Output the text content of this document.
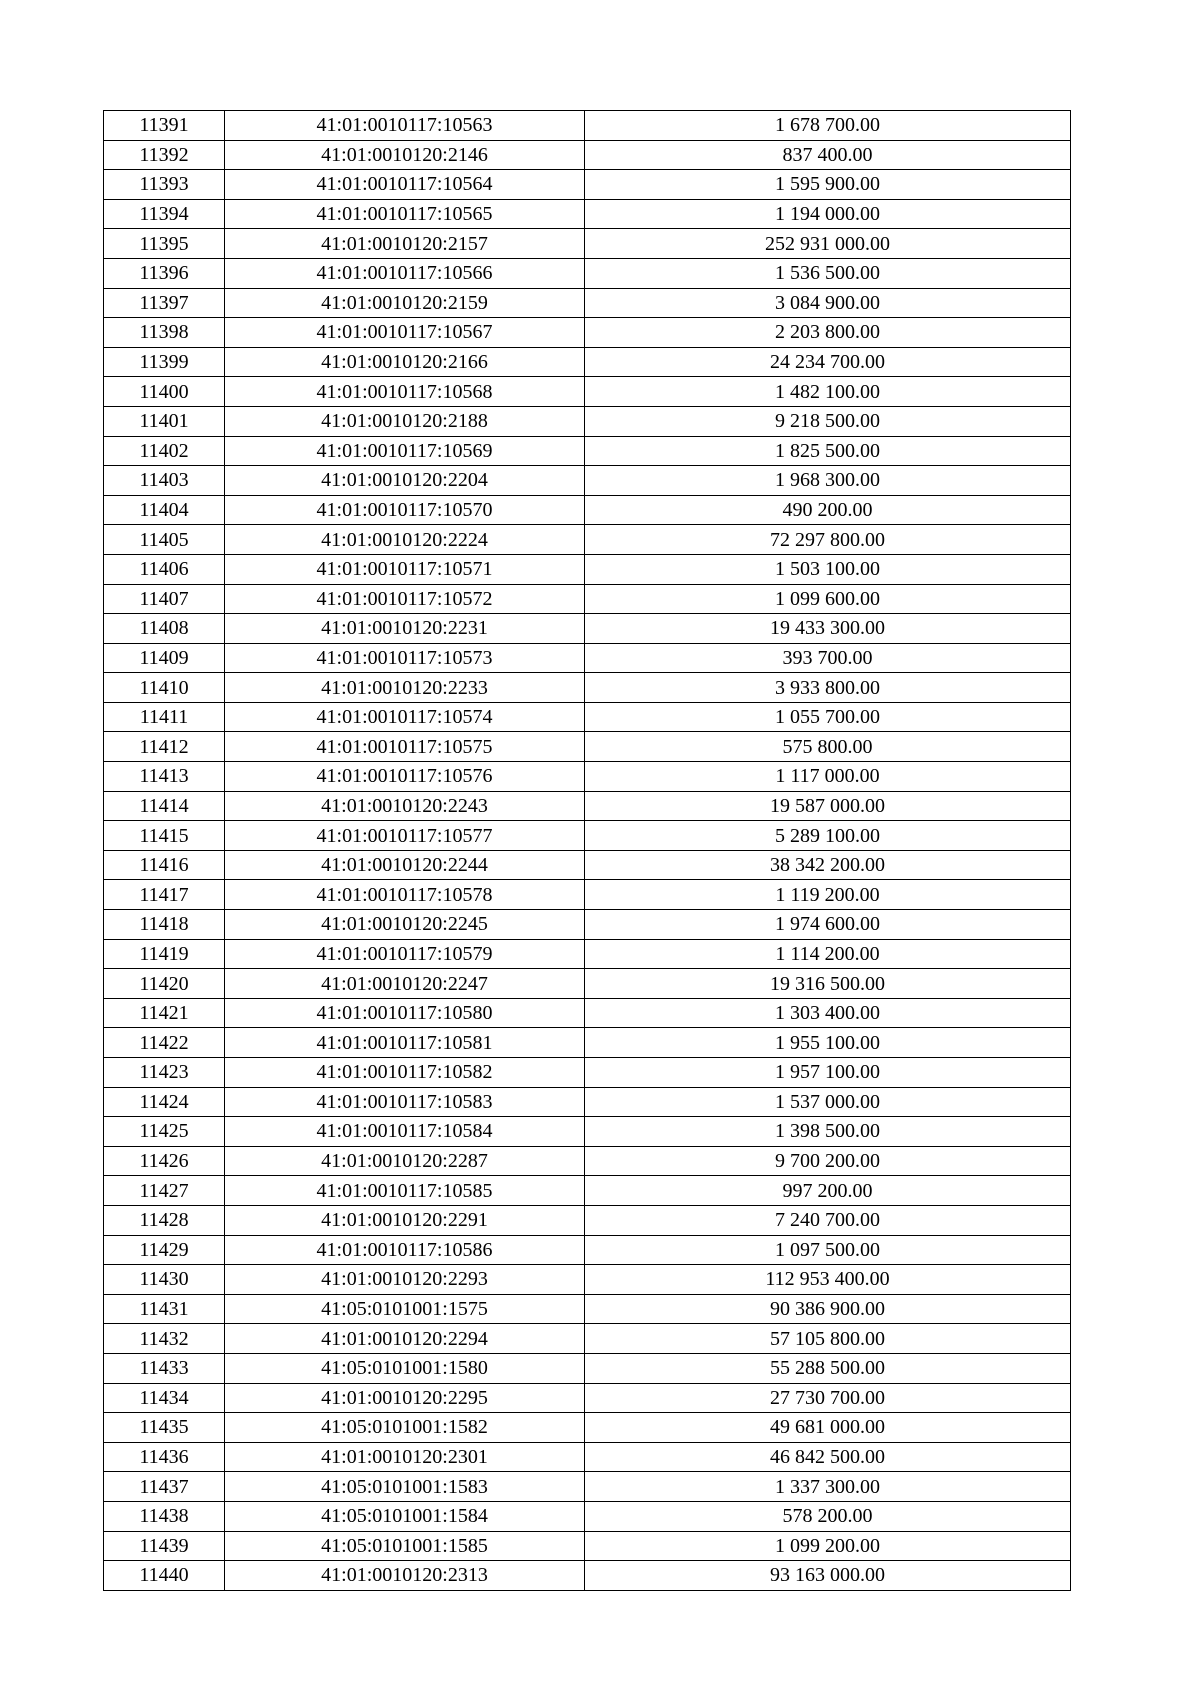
11391	41:01:0010117:10563	1 678 700.00
11392	41:01:0010120:2146	837 400.00
11393	41:01:0010117:10564	1 595 900.00
11394	41:01:0010117:10565	1 194 000.00
11395	41:01:0010120:2157	252 931 000.00
11396	41:01:0010117:10566	1 536 500.00
11397	41:01:0010120:2159	3 084 900.00
11398	41:01:0010117:10567	2 203 800.00
11399	41:01:0010120:2166	24 234 700.00
11400	41:01:0010117:10568	1 482 100.00
11401	41:01:0010120:2188	9 218 500.00
11402	41:01:0010117:10569	1 825 500.00
11403	41:01:0010120:2204	1 968 300.00
11404	41:01:0010117:10570	490 200.00
11405	41:01:0010120:2224	72 297 800.00
11406	41:01:0010117:10571	1 503 100.00
11407	41:01:0010117:10572	1 099 600.00
11408	41:01:0010120:2231	19 433 300.00
11409	41:01:0010117:10573	393 700.00
11410	41:01:0010120:2233	3 933 800.00
11411	41:01:0010117:10574	1 055 700.00
11412	41:01:0010117:10575	575 800.00
11413	41:01:0010117:10576	1 117 000.00
11414	41:01:0010120:2243	19 587 000.00
11415	41:01:0010117:10577	5 289 100.00
11416	41:01:0010120:2244	38 342 200.00
11417	41:01:0010117:10578	1 119 200.00
11418	41:01:0010120:2245	1 974 600.00
11419	41:01:0010117:10579	1 114 200.00
11420	41:01:0010120:2247	19 316 500.00
11421	41:01:0010117:10580	1 303 400.00
11422	41:01:0010117:10581	1 955 100.00
11423	41:01:0010117:10582	1 957 100.00
11424	41:01:0010117:10583	1 537 000.00
11425	41:01:0010117:10584	1 398 500.00
11426	41:01:0010120:2287	9 700 200.00
11427	41:01:0010117:10585	997 200.00
11428	41:01:0010120:2291	7 240 700.00
11429	41:01:0010117:10586	1 097 500.00
11430	41:01:0010120:2293	112 953 400.00
11431	41:05:0101001:1575	90 386 900.00
11432	41:01:0010120:2294	57 105 800.00
11433	41:05:0101001:1580	55 288 500.00
11434	41:01:0010120:2295	27 730 700.00
11435	41:05:0101001:1582	49 681 000.00
11436	41:01:0010120:2301	46 842 500.00
11437	41:05:0101001:1583	1 337 300.00
11438	41:05:0101001:1584	578 200.00
11439	41:05:0101001:1585	1 099 200.00
11440	41:01:0010120:2313	93 163 000.00
